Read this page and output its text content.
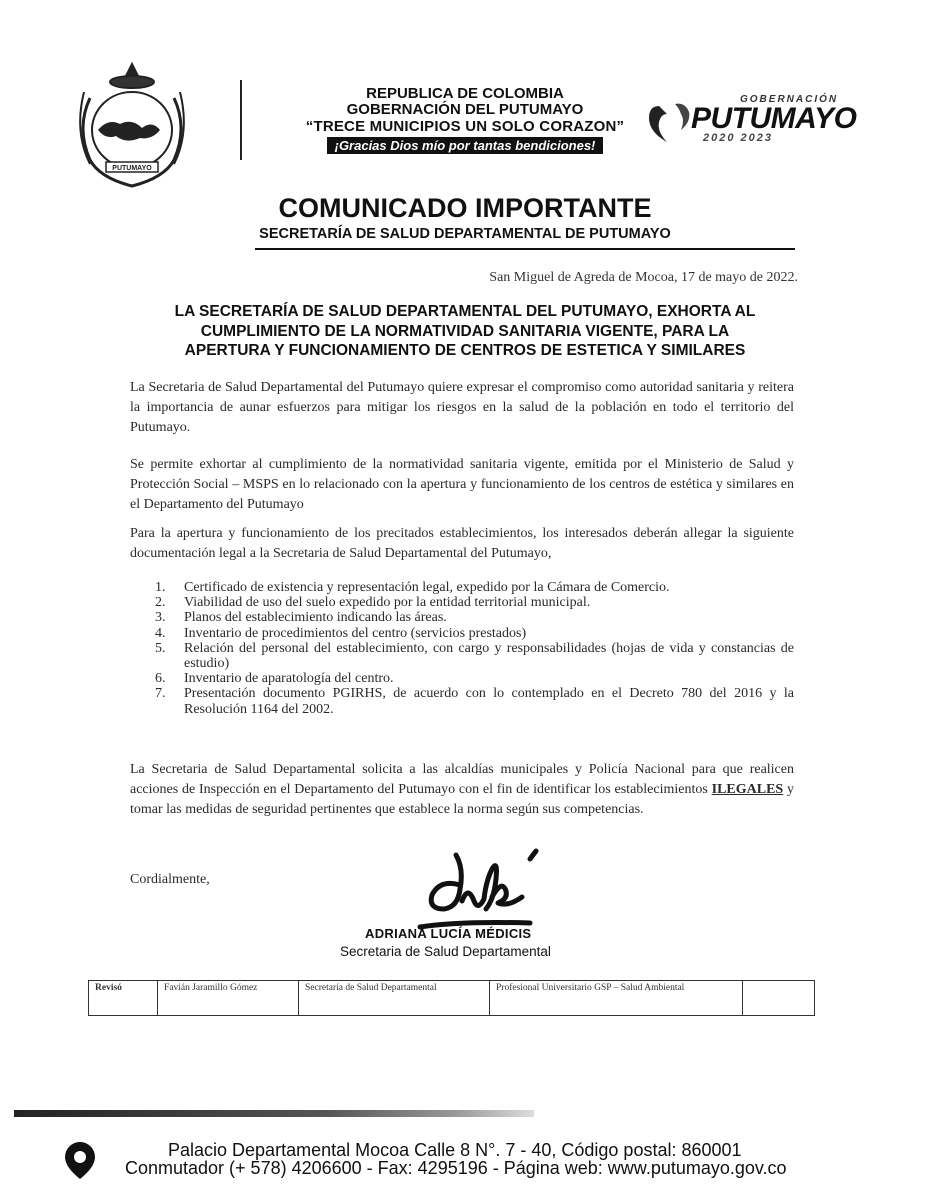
PUTUMAYO
REPUBLICA DE COLOMBIA
GOBERNACIÓN DEL PUTUMAYO
“TRECE MUNICIPIOS UN SOLO CORAZON”
¡Gracias Dios mío por tantas bendiciones!
GOBERNACIÓN
PUTUMAYO
2020 2023
COMUNICADO IMPORTANTE
SECRETARÍA DE SALUD DEPARTAMENTAL DE PUTUMAYO
San Miguel de Agreda de Mocoa, 17 de mayo de 2022.
LA SECRETARÍA DE SALUD DEPARTAMENTAL DEL PUTUMAYO, EXHORTA AL
CUMPLIMIENTO DE LA NORMATIVIDAD SANITARIA VIGENTE, PARA LA
APERTURA Y FUNCIONAMIENTO DE CENTROS DE ESTETICA Y SIMILARES
La Secretaria de Salud Departamental del Putumayo quiere expresar el compromiso como autoridad sanitaria y reitera la importancia de aunar esfuerzos para mitigar los riesgos en la salud de la población en todo el territorio del Putumayo.
Se permite exhortar al cumplimiento de la normatividad sanitaria vigente, emitida por el Ministerio de Salud y Protección Social – MSPS en lo relacionado con la apertura y funcionamiento de los centros de estética y similares en el Departamento del Putumayo
Para la apertura y funcionamiento de los precitados establecimientos, los interesados deberán allegar la siguiente documentación legal a la Secretaria de Salud Departamental del Putumayo,
1. Certificado de existencia y representación legal, expedido por la Cámara de Comercio.
2. Viabilidad de uso del suelo expedido por la entidad territorial municipal.
3. Planos del establecimiento indicando las áreas.
4. Inventario de procedimientos del centro (servicios prestados)
5. Relación del personal del establecimiento, con cargo y responsabilidades (hojas de vida y constancias de estudio)
6. Inventario de aparatología del centro.
7. Presentación documento PGIRHS, de acuerdo con lo contemplado en el Decreto 780 del 2016 y la Resolución 1164 del 2002.
La Secretaria de Salud Departamental solicita a las alcaldías municipales y Policía Nacional para que realicen acciones de Inspección en el Departamento del Putumayo con el fin de identificar los establecimientos ILEGALES y tomar las medidas de seguridad pertinentes que establece la norma según sus competencias.
Cordialmente,
ADRIANA LUCÍA MÉDICIS
Secretaria de Salud Departamental
Revisó	Favián Jaramillo Gómez	Secretaría de Salud Departamental	Profesional Universitario GSP – Salud Ambiental	
Palacio Departamental Mocoa Calle 8 N°. 7 - 40, Código postal: 860001
Conmutador (+ 578) 4206600 - Fax: 4295196 - Página web: www.putumayo.gov.co
